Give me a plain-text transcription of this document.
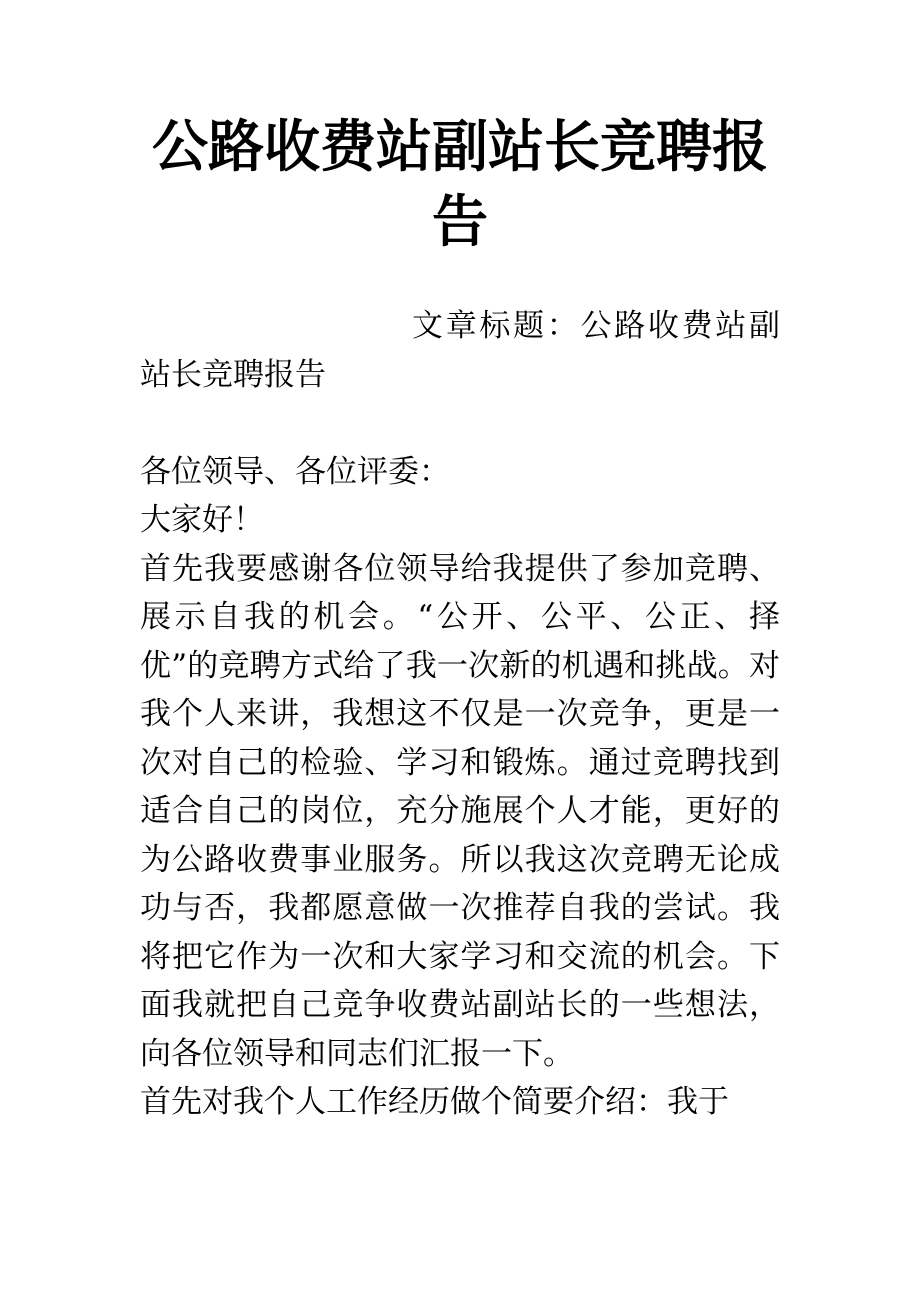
公路收费站副站长竞聘报告

文章标题：公路收费站副站长竞聘报告

各位领导、各位评委：

大家好！

首先我要感谢各位领导给我提供了参加竞聘、展示自我的机会。“公开、公平、公正、择优”的竞聘方式给了我一次新的机遇和挑战。对我个人来讲，我想这不仅是一次竞争，更是一次对自己的检验、学习和锻炼。通过竞聘找到适合自己的岗位，充分施展个人才能，更好的为公路收费事业服务。所以我这次竞聘无论成功与否，我都愿意做一次推荐自我的尝试。我将把它作为一次和大家学习和交流的机会。下面我就把自己竞争收费站副站长的一些想法，向各位领导和同志们汇报一下。

首先对我个人工作经历做个简要介绍：我于
